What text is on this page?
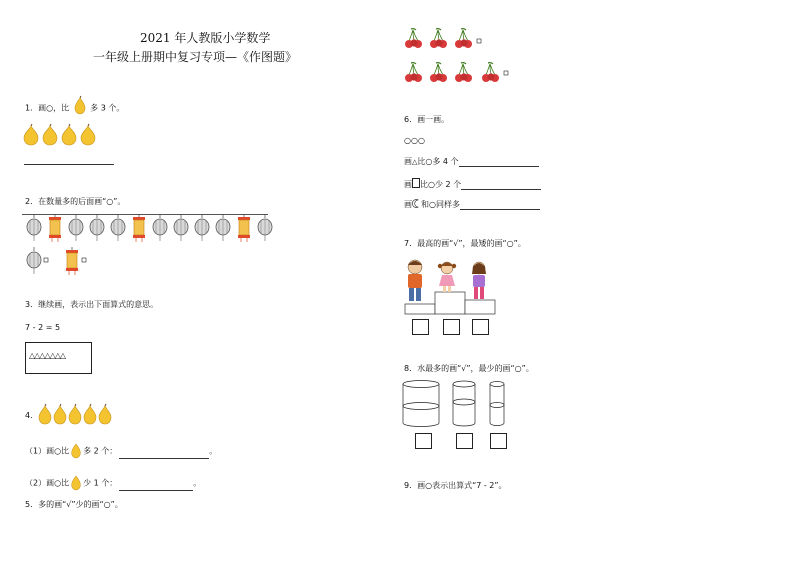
2021 年人教版小学数学
一年级上册期中复习专项—《作图题》
1．画○，比	多 3 个。
2．在数量多的后面画“○”。
3．继续画，表示出下面算式的意思。
7 - 2 = 5
△△△△△△△
4．
（1）画○比 多 2 个：	。
（2）画○比 少 1 个：	。
5．多的画“√”少的画“○”。
6．画一画。
○○○
画△比○多 4 个
画 比○少 2 个
画 和○同样多
7．最高的画“√”，最矮的画“○”。
8．水最多的画“√”，最少的画“○”。
9．画○表示出算式“7 - 2”。
